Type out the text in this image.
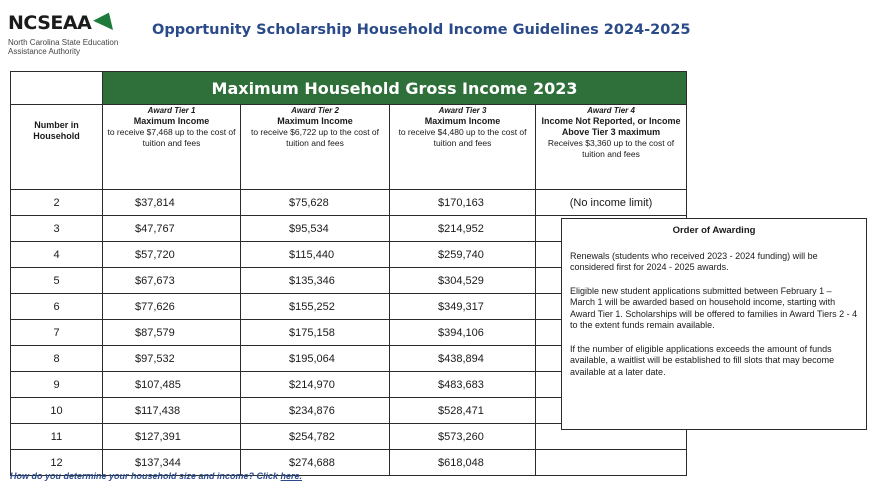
NCSEAA
North Carolina State Education Assistance Authority
Opportunity Scholarship Household Income Guidelines 2024-2025
	Maximum Household Gross Income 2023			
Number in Household	Award Tier 1
Maximum Income
to receive $7,468 up to the cost of tuition and fees	Award Tier 2
Maximum Income
to receive $6,722 up to the cost of tuition and fees	Award Tier 3
Maximum Income
to receive $4,480 up to the cost of tuition and fees	Award Tier 4
Income Not Reported, or Income Above Tier 3 maximum
Receives $3,360 up to the cost of tuition and fees

2	$37,814	$75,628	$170,163	(No income limit)
3	$47,767	$95,534	$214,952	
4	$57,720	$115,440	$259,740	
5	$67,673	$135,346	$304,529	
6	$77,626	$155,252	$349,317	
7	$87,579	$175,158	$394,106	
8	$97,532	$195,064	$438,894	
9	$107,485	$214,970	$483,683	
10	$117,438	$234,876	$528,471	
11	$127,391	$254,782	$573,260	
12	$137,344	$274,688	$618,048	
Order of Awarding

Renewals (students who received 2023 - 2024 funding) will be considered first for 2024 - 2025 awards.

Eligible new student applications submitted between February 1 – March 1 will be awarded based on household income, starting with Award Tier 1. Scholarships will be offered to families in Award Tiers 2 - 4 to the extent funds remain available.

If the number of eligible applications exceeds the amount of funds available, a waitlist will be established to fill slots that may become available at a later date.

How do you determine your household size and income? Click here.
